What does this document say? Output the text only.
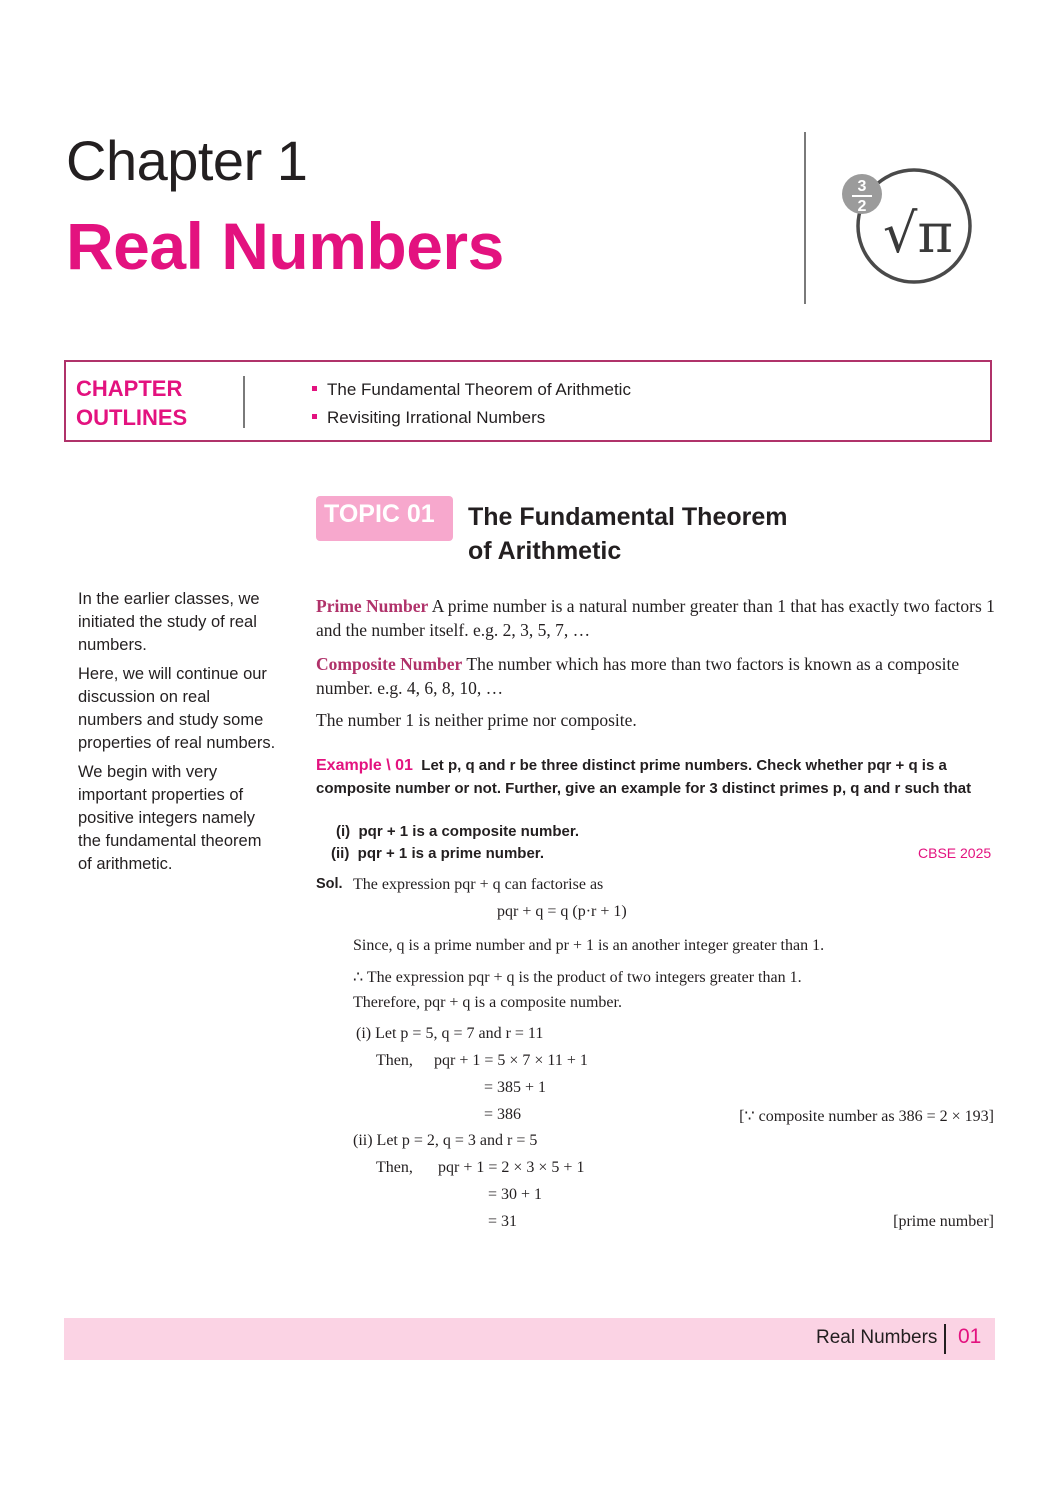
Chapter 1
Real Numbers
3
2 √π
CHAPTER
OUTLINES
The Fundamental Theorem of Arithmetic
Revisiting Irrational Numbers
TOPIC 01 The Fundamental Theorem
of Arithmetic

In the earlier classes, we initiated the study of real numbers.

Here, we will continue our discussion on real numbers and study some properties of real numbers.

We begin with very important properties of positive integers namely the fundamental theorem of arithmetic.

Prime Number A prime number is a natural number greater than 1 that has exactly two factors 1 and the number itself. e.g. 2, 3, 5, 7, …
Composite Number The number which has more than two factors is known as a composite number. e.g. 4, 6, 8, 10, …
The number 1 is neither prime nor composite.
Example \ 01 Let p, q and r be three distinct prime numbers. Check whether pqr + q is a composite number or not. Further, give an example for 3 distinct primes p, q and r such that
(i) pqr + 1 is a composite number.
(ii) pqr + 1 is a prime number.	CBSE 2025
Sol. The expression pqr + q can factorise as
pqr + q = q (p·r + 1)
Since, q is a prime number and pr + 1 is an another integer greater than 1.
∴ The expression pqr + q is the product of two integers greater than 1.
Therefore, pqr + q is a composite number.
(i) Let p = 5, q = 7 and r = 11
Then, pqr + 1 = 5 × 7 × 11 + 1
= 385 + 1
= 386	[∵ composite number as 386 = 2 × 193]
(ii) Let p = 2, q = 3 and r = 5
Then, pqr + 1 = 2 × 3 × 5 + 1
= 30 + 1
= 31	[prime number]
Real Numbers 01
